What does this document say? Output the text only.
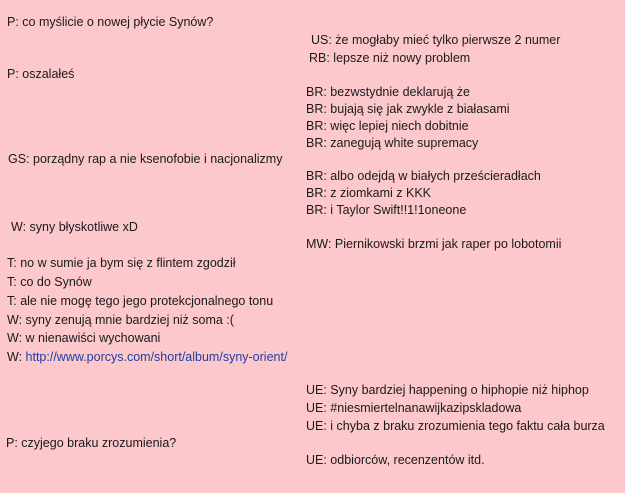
P: co myślicie o nowej płycie Synów?
US: że mogłaby mieć tylko pierwsze 2 numer
RB: lepsze niż nowy problem
P: oszalałeś
BR: bezwstydnie deklarują że
BR: bujają się jak zwykle z białasami
BR: więc lepiej niech dobitnie
BR: zanegują white supremacy
GS: porządny rap a nie ksenofobie i nacjonalizmy
BR: albo odejdą w białych prześcieradłach
BR: z ziomkami z KKK
BR: i Taylor Swift!!1!1oneone
W: syny błyskotliwe xD
MW: Piernikowski brzmi jak raper po lobotomii
T: no w sumie ja bym się z flintem zgodził
T: co do Synów
T: ale nie mogę tego jego protekcjonalnego tonu
W: syny zenują mnie bardziej niż soma :(
W: w nienawiści wychowani
W: http://www.porcys.com/short/album/syny-orient/
UE: Syny bardziej happening o hiphopie niż hiphop
UE: #niesmiertelnanawijkazipskladowa
UE: i chyba z braku zrozumienia tego faktu cała burza
P: czyjego braku zrozumienia?
UE: odbiorców, recenzentów itd.
